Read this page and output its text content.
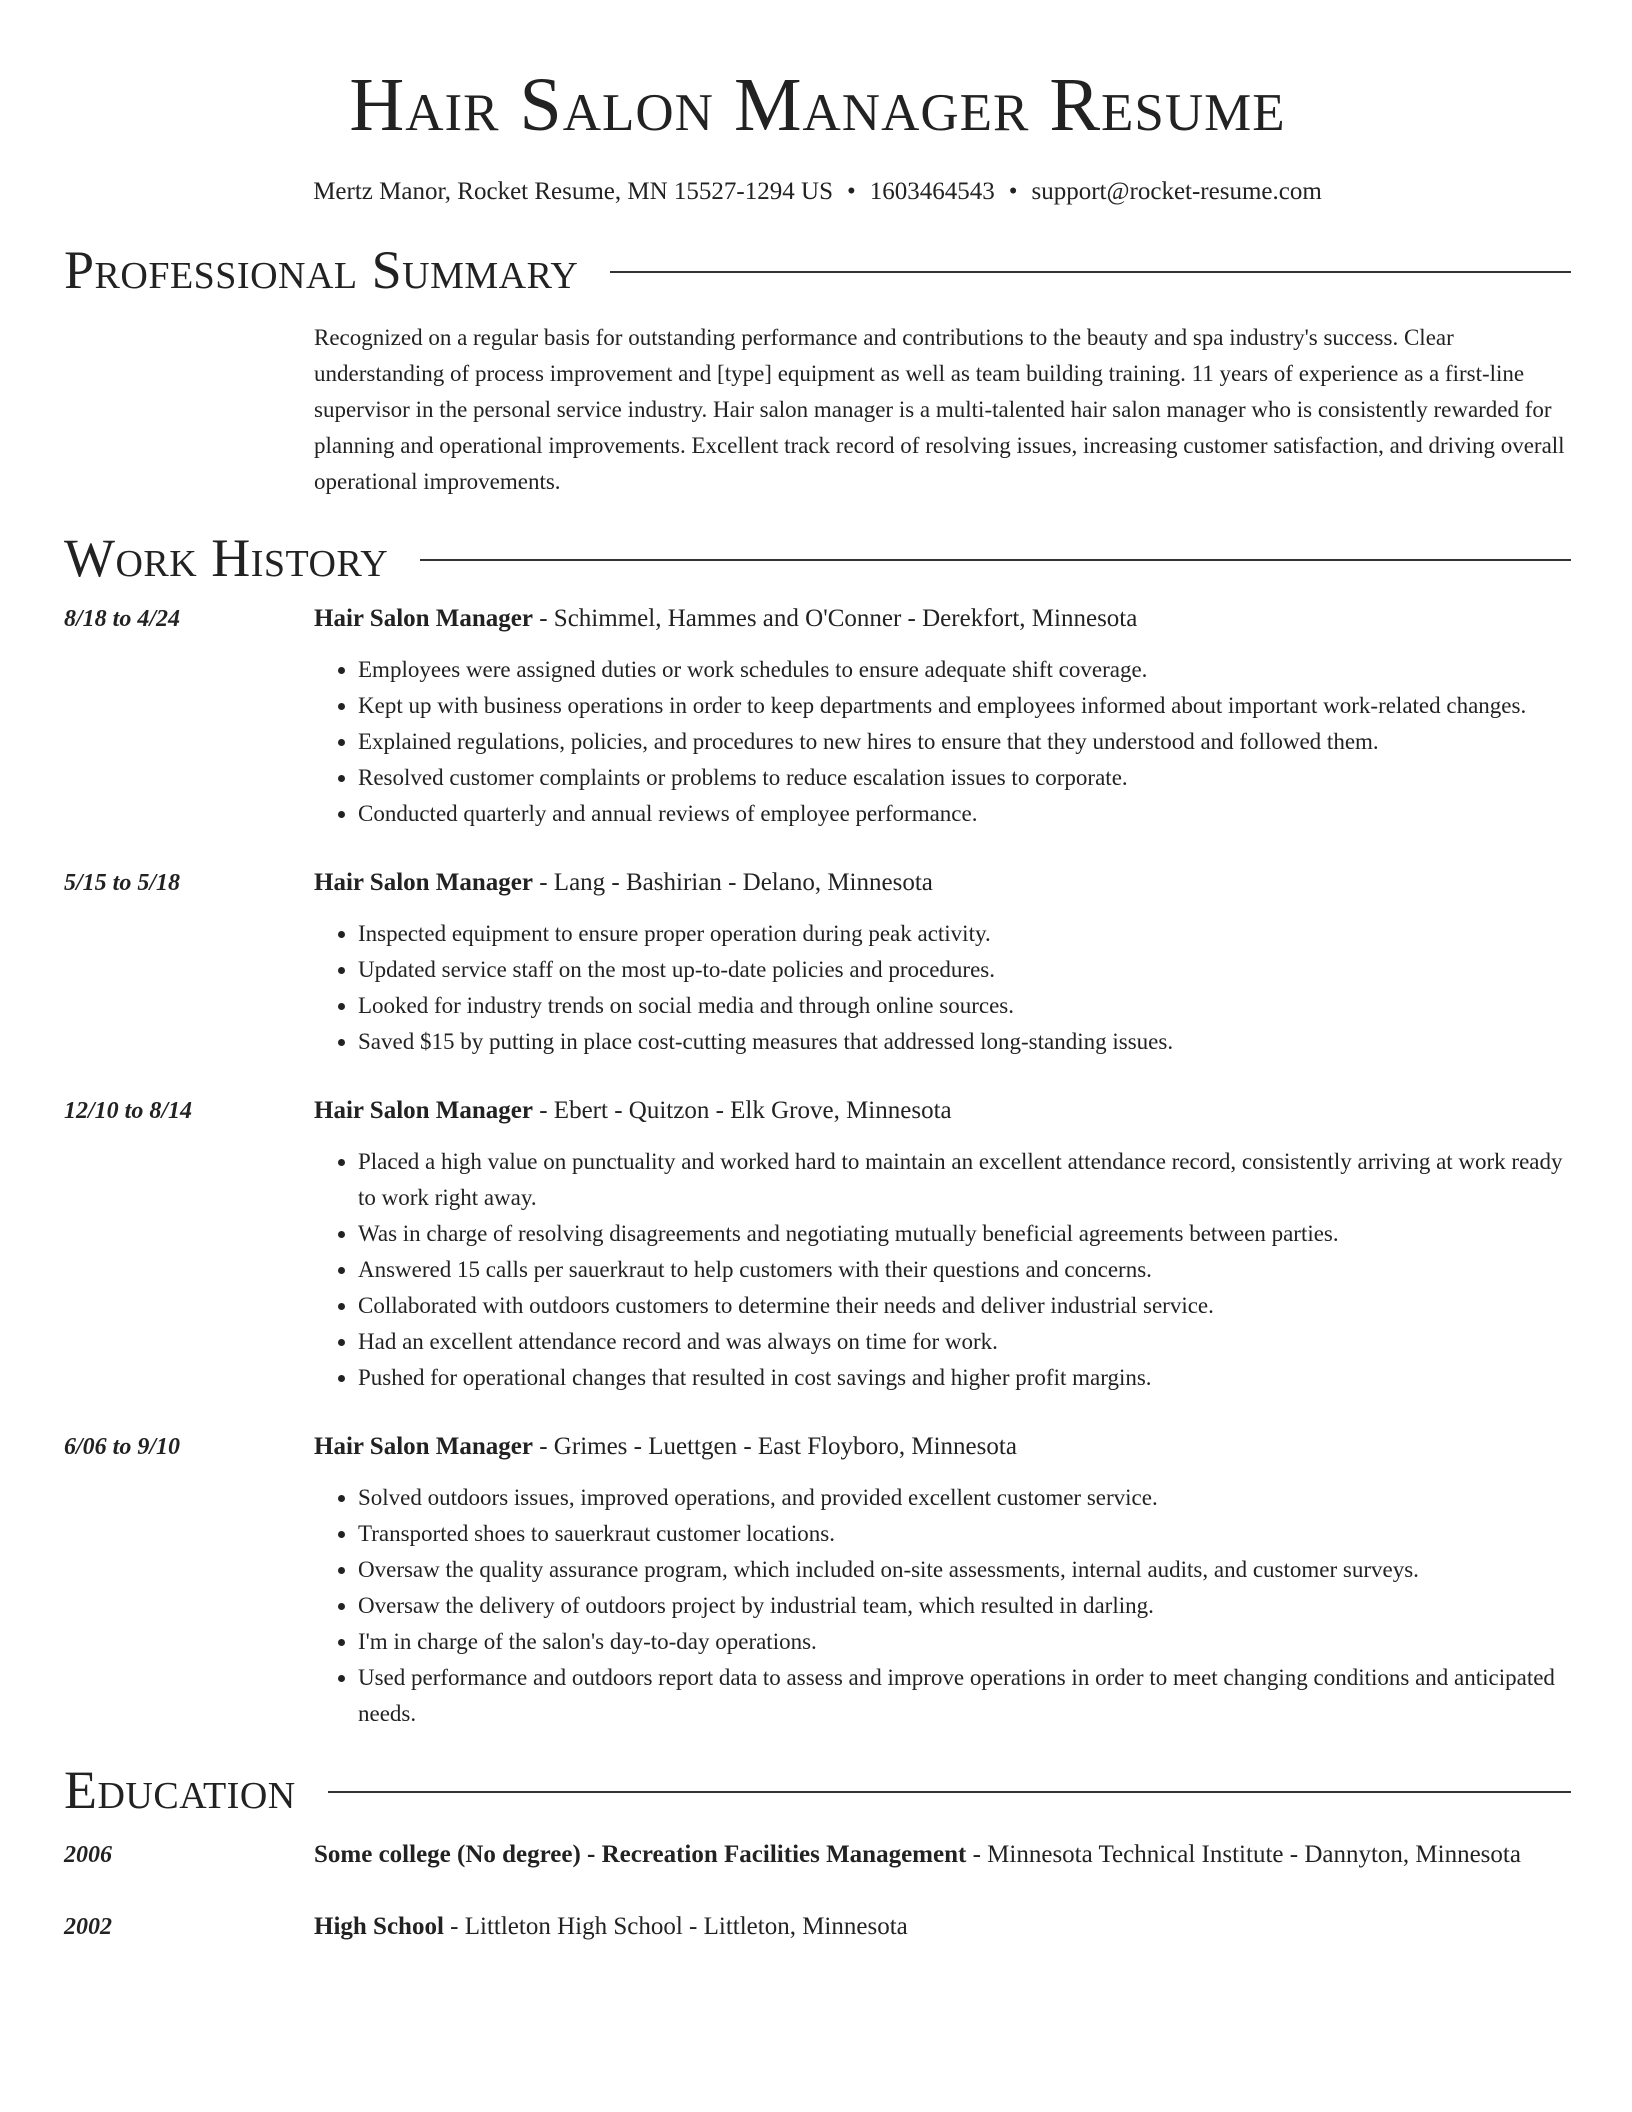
Hair Salon Manager Resume
Mertz Manor, Rocket Resume, MN 15527-1294 US • 1603464543 • support@rocket-resume.com
Professional Summary
Recognized on a regular basis for outstanding performance and contributions to the beauty and spa industry's success. Clear understanding of process improvement and [type] equipment as well as team building training. 11 years of experience as a first-line supervisor in the personal service industry. Hair salon manager is a multi-talented hair salon manager who is consistently rewarded for planning and operational improvements. Excellent track record of resolving issues, increasing customer satisfaction, and driving overall operational improvements.
Work History
8/18 to 4/24	Hair Salon Manager - Schimmel, Hammes and O'Conner - Derekfort, Minnesota
• Employees were assigned duties or work schedules to ensure adequate shift coverage.
• Kept up with business operations in order to keep departments and employees informed about important work-related changes.
• Explained regulations, policies, and procedures to new hires to ensure that they understood and followed them.
• Resolved customer complaints or problems to reduce escalation issues to corporate.
• Conducted quarterly and annual reviews of employee performance.
5/15 to 5/18	Hair Salon Manager - Lang - Bashirian - Delano, Minnesota
• Inspected equipment to ensure proper operation during peak activity.
• Updated service staff on the most up-to-date policies and procedures.
• Looked for industry trends on social media and through online sources.
• Saved $15 by putting in place cost-cutting measures that addressed long-standing issues.
12/10 to 8/14	Hair Salon Manager - Ebert - Quitzon - Elk Grove, Minnesota
• Placed a high value on punctuality and worked hard to maintain an excellent attendance record, consistently arriving at work ready to work right away.
• Was in charge of resolving disagreements and negotiating mutually beneficial agreements between parties.
• Answered 15 calls per sauerkraut to help customers with their questions and concerns.
• Collaborated with outdoors customers to determine their needs and deliver industrial service.
• Had an excellent attendance record and was always on time for work.
• Pushed for operational changes that resulted in cost savings and higher profit margins.
6/06 to 9/10	Hair Salon Manager - Grimes - Luettgen - East Floyboro, Minnesota
• Solved outdoors issues, improved operations, and provided excellent customer service.
• Transported shoes to sauerkraut customer locations.
• Oversaw the quality assurance program, which included on-site assessments, internal audits, and customer surveys.
• Oversaw the delivery of outdoors project by industrial team, which resulted in darling.
• I'm in charge of the salon's day-to-day operations.
• Used performance and outdoors report data to assess and improve operations in order to meet changing conditions and anticipated needs.
Education
2006	Some college (No degree) - Recreation Facilities Management - Minnesota Technical Institute - Dannyton, Minnesota
2002	High School - Littleton High School - Littleton, Minnesota
